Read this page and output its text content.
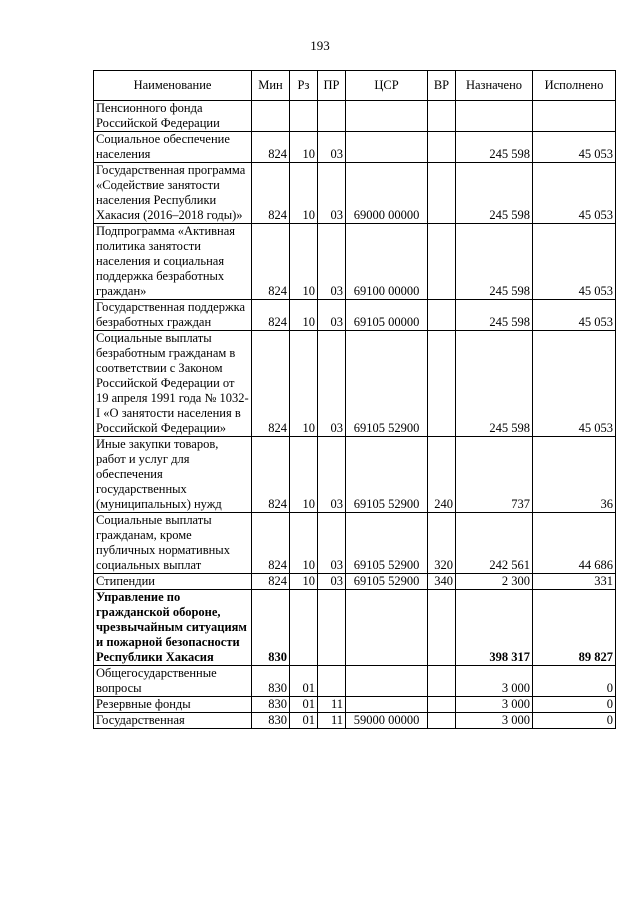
193
Наименование	Мин	Рз	ПР	ЦСР	ВР	Назначено	Исполнено
Пенсионного фонда Российской Федерации							
Социальное обеспечение населения	824	10	03			245 598	45 053
Государственная программа «Содействие занятости населения Республики Хакасия (2016–2018 годы)»	824	10	03	69000 00000		245 598	45 053
Подпрограмма «Активная политика занятости населения и социальная поддержка безработных граждан»	824	10	03	69100 00000		245 598	45 053
Государственная поддержка безработных граждан	824	10	03	69105 00000		245 598	45 053
Социальные выплаты безработным гражданам в соответствии с Законом Российской Федерации от 19 апреля 1991 года № 1032-I «О занятости населения в Российской Федерации»	824	10	03	69105 52900		245 598	45 053
Иные закупки товаров, работ и услуг для обеспечения государственных (муниципальных) нужд	824	10	03	69105 52900	240	737	36
Социальные выплаты гражданам, кроме публичных нормативных социальных выплат	824	10	03	69105 52900	320	242 561	44 686
Стипендии	824	10	03	69105 52900	340	2 300	331
Управление по гражданской обороне, чрезвычайным ситуациям и пожарной безопасности Республики Хакасия	830					398 317	89 827
Общегосударственные вопросы	830	01				3 000	0
Резервные фонды	830	01	11			3 000	0
Государственная	830	01	11	59000 00000		3 000	0
